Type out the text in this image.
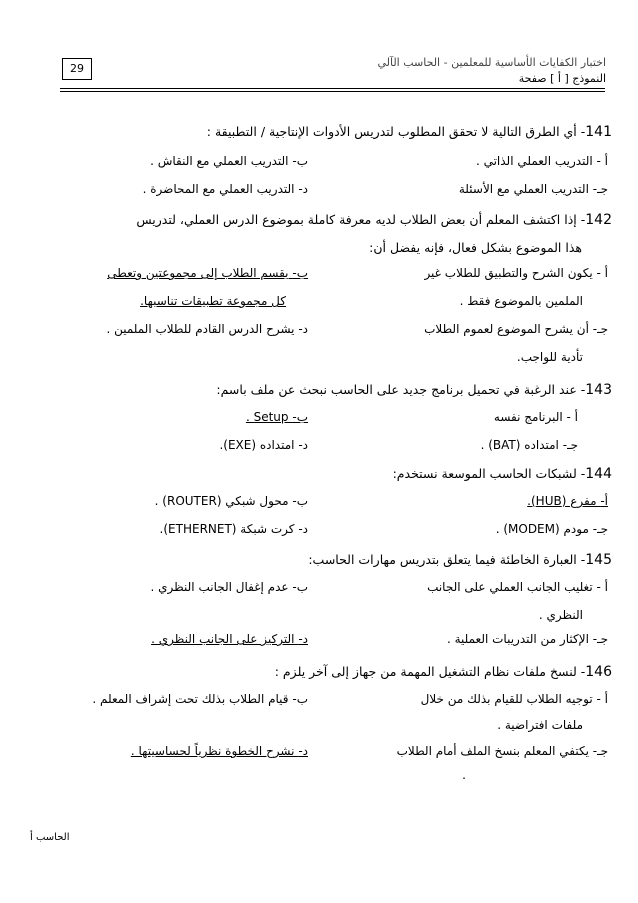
29	اختبار الكفايات الأساسية للمعلمين - الحاسب الآلي
النموذج [ أ ] صفحة
141- أي الطرق التالية لا تحقق المطلوب لتدريس الأدوات الإنتاجية / التطبيقة :
أ - التدريب العملي الذاتي .
ب- التدريب العملي مع النقاش .
جـ- التدريب العملي مع الأسئلة
د- التدريب العملي مع المحاضرة .
142- إذا اكتشف المعلم أن بعض الطلاب لديه معرفة كاملة بموضوع الدرس العملي، لتدريس
هذا الموضوع بشكل فعال، فإنه يفضل أن:
أ - يكون الشرح والتطبيق للطلاب غير
ب- يقسم الطلاب إلى مجموعتين وتعطى
الملمين بالموضوع فقط .
كل مجموعة تطبيقات تناسبها.
جـ- أن يشرح الموضوع لعموم الطلاب
د- يشرح الدرس القادم للطلاب الملمين .
تأدية للواجب.
143- عند الرغبة في تحميل برنامج جديد على الحاسب نبحث عن ملف باسم:
أ - البرنامج نفسه
ب- Setup .
جـ- امتداده (BAT) .
د- امتداده (EXE).
144- لشبكات الحاسب الموسعة نستخدم:
أ- مفرع (HUB).
ب- محول شبكي (ROUTER) .
جـ- مودم (MODEM) .
د- كرت شبكة (ETHERNET).
145- العبارة الخاطئة فيما يتعلق بتدريس مهارات الحاسب:
أ - تغليب الجانب العملي على الجانب
ب- عدم إغفال الجانب النظري .
النظري .
جـ- الإكثار من التدريبات العملية .
د- التركيز على الجانب النظري .
146- لنسخ ملفات نظام التشغيل المهمة من جهاز إلى آخر يلزم :
أ - توجيه الطلاب للقيام بذلك من خلال
ب- قيام الطلاب بذلك تحت إشراف المعلم .
ملفات افتراضية .
جـ- يكتفي المعلم بنسخ الملف أمام الطلاب
د- نشرح الخطوة نظرياً لحساسيتها .
.
الحاسب أ
